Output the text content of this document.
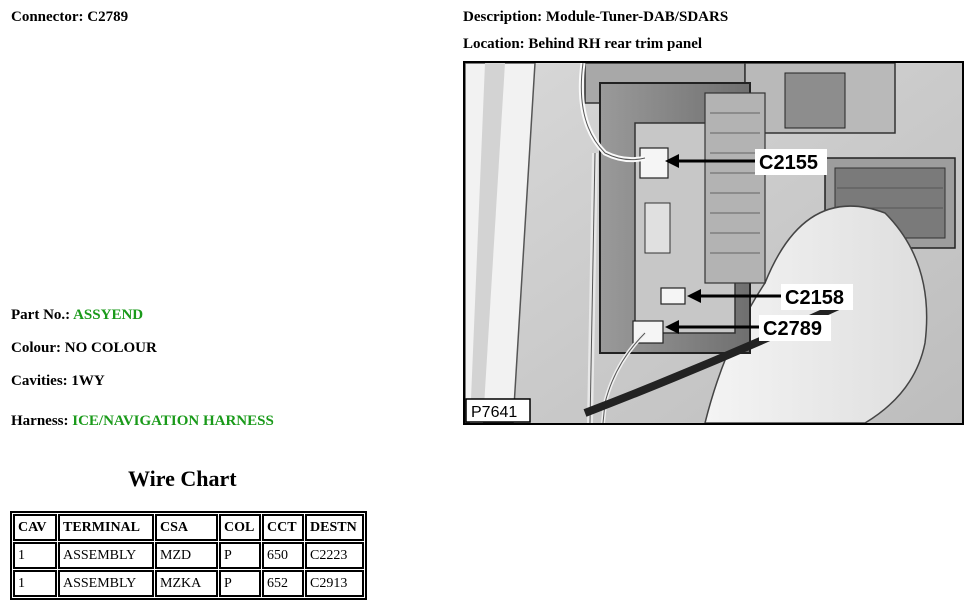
Connector: C2789	Description: Module-Tuner-DAB/SDARS
Location: Behind RH rear trim panel
Part No.: ASSYEND
Colour: NO COLOUR
Cavities: 1WY
Harness: ICE/NAVIGATION HARNESS
Wire Chart
CAV	TERMINAL	CSA	COL	CCT	DESTN
1	ASSEMBLY	MZD	P	650	C2223
1	ASSEMBLY	MZKA	P	652	C2913
C2155
C2158
C2789
P7641
